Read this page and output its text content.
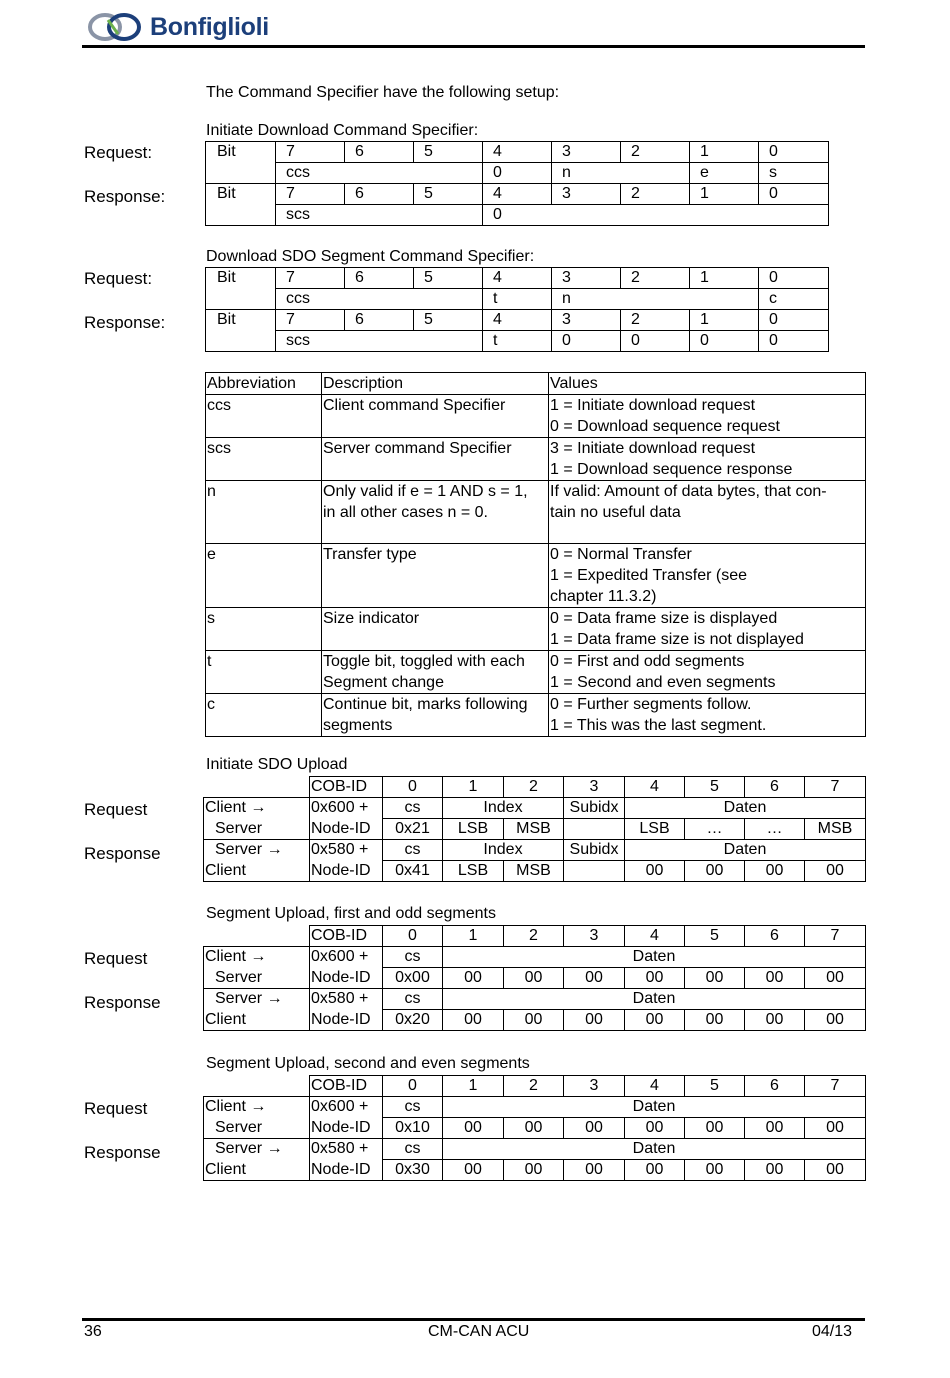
Bonfiglioli
The Command Specifier have the following setup:
Initiate Download Command Specifier:
Request:
Response:
Bit	7	6	5	4	3	2	1	0
	ccs			0	n		e	s
Bit	7	6	5	4	3	2	1	0
	scs			0				
Download SDO Segment Command Specifier:
Request:
Response:
Bit	7	6	5	4	3	2	1	0
	ccs			t	n			c
Bit	7	6	5	4	3	2	1	0
	scs			t	0	0	0	0
Abbreviation	Description	Values
ccs	Client command Specifier	1 = Initiate download request
0 = Download sequence request
scs	Server command Specifier	3 = Initiate download request
1 = Download sequence response
n	Only valid if e = 1 AND s = 1,
in all other cases n = 0.	If valid: Amount of data bytes, that con-
tain no useful data
e	Transfer type	0 = Normal Transfer
1 = Expedited Transfer (see
chapter 11.3.2)
s	Size indicator	0 = Data frame size is displayed
1 = Data frame size is not displayed
t	Toggle bit, toggled with each
Segment change	0 = First and odd segments
1 = Second and even segments
c	Continue bit, marks following
segments	0 = Further segments follow.
1 = This was the last segment.
Initiate SDO Upload
Request
Response
	COB-ID	0	1	2	3	4	5	6	7
Client →	0x600 +	cs	Index		Subidx	Daten			
Server	Node-ID	0x21	LSB	MSB		LSB	…	…	MSB
Server →	0x580 +	cs	Index		Subidx	Daten			
Client	Node-ID	0x41	LSB	MSB		00	00	00	00
Segment Upload, first and odd segments
Request
Response
	COB-ID	0	1	2	3	4	5	6	7
Client →	0x600 +	cs	Daten						
Server	Node-ID	0x00	00	00	00	00	00	00	00
Server →	0x580 +	cs	Daten						
Client	Node-ID	0x20	00	00	00	00	00	00	00
Segment Upload, second and even segments
Request
Response
	COB-ID	0	1	2	3	4	5	6	7
Client →	0x600 +	cs	Daten						
Server	Node-ID	0x10	00	00	00	00	00	00	00
Server →	0x580 +	cs	Daten						
Client	Node-ID	0x30	00	00	00	00	00	00	00
36	CM-CAN ACU	04/13
